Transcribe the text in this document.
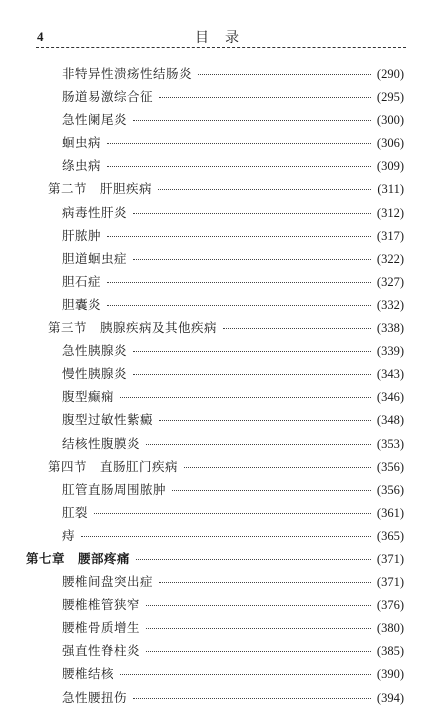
4	目录
非特异性溃疡性结肠炎	(290)
肠道易激综合征	(295)
急性阑尾炎	(300)
蛔虫病	(306)
绦虫病	(309)
第二节　肝胆疾病	(311)
病毒性肝炎	(312)
肝脓肿	(317)
胆道蛔虫症	(322)
胆石症	(327)
胆囊炎	(332)
第三节　胰腺疾病及其他疾病	(338)
急性胰腺炎	(339)
慢性胰腺炎	(343)
腹型癫痫	(346)
腹型过敏性紫癜	(348)
结核性腹膜炎	(353)
第四节　直肠肛门疾病	(356)
肛管直肠周围脓肿	(356)
肛裂	(361)
痔	(365)
第七章　腰部疼痛	(371)
腰椎间盘突出症	(371)
腰椎椎管狭窄	(376)
腰椎骨质增生	(380)
强直性脊柱炎	(385)
腰椎结核	(390)
急性腰扭伤	(394)
